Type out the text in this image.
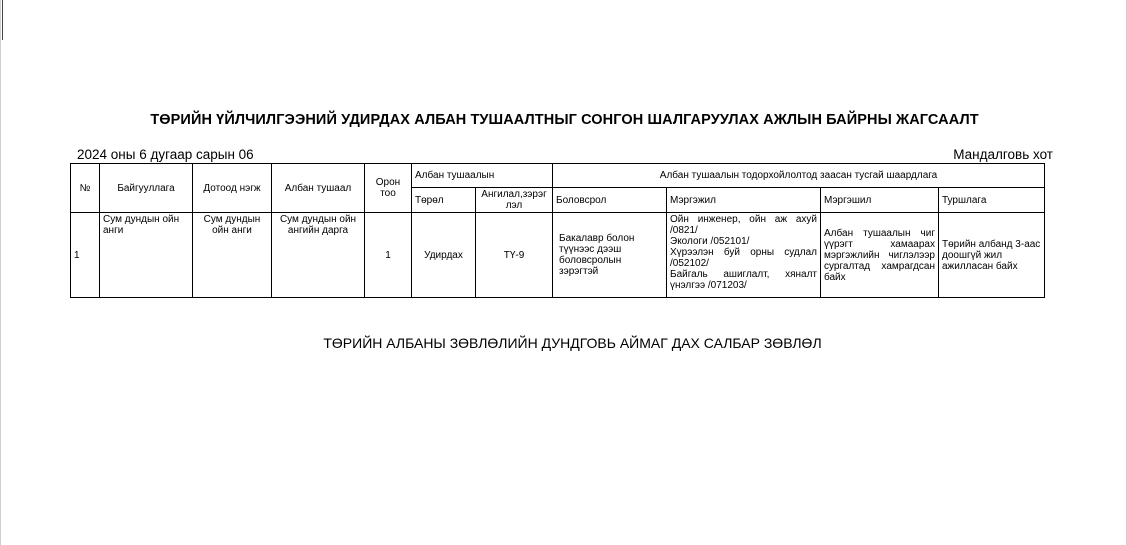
ТӨРИЙН ҮЙЛЧИЛГЭЭНИЙ УДИРДАХ АЛБАН ТУШААЛТНЫГ СОНГОН ШАЛГАРУУЛАХ АЖЛЫН БАЙРНЫ ЖАГСААЛТ
2024 оны 6 дугаар сарын 06	Мандалговь хот
№	Байгууллага	Дотоод нэгж	Албан тушаал	Орон тоо	Албан тушаалын		Албан тушаалын тодорхойлолтод заасан тусгай шаардлага			
					Төрөл	Ангилал,зэрэглэл	Боловсрол	Мэргэжил	Мэргэшил	Туршлага
1	Сум дундын ойн анги	Сум дундын ойн анги	Сум дундын ойн ангийн дарга	1	Удирдах	ТҮ-9	Бакалавр болон түүнээс дээш боловсролын зэрэгтэй	Ойн инженер, ойн аж ахуй /0821/
Экологи /052101/
Хүрээлэн буй орны судлал /052102/
Байгаль ашиглалт, хяналт үнэлгээ /071203/	Албан тушаалын чиг үүрэгт хамаарах мэргэжлийн чиглэлээр сургалтад хамрагдсан байх	Төрийн албанд 3-аас доошгүй жил ажилласан байх
ТӨРИЙН АЛБАНЫ ЗӨВЛӨЛИЙН ДУНДГОВЬ АЙМАГ ДАХ САЛБАР ЗӨВЛӨЛ
